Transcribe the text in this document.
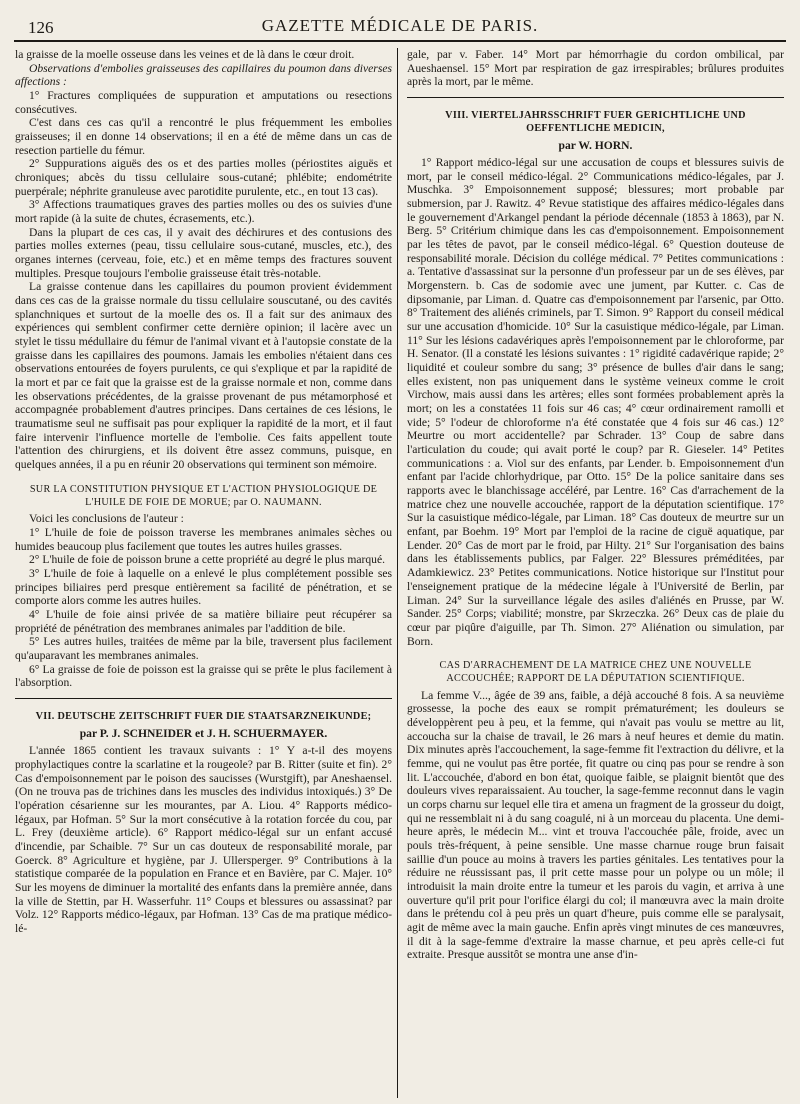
126	GAZETTE MÉDICALE DE PARIS.

la graisse de la moelle osseuse dans les veines et de là dans le cœur droit.

Observations d'embolies graisseuses des capillaires du poumon dans diverses affections :

1° Fractures compliquées de suppuration et amputations ou resections consécutives.

C'est dans ces cas qu'il a rencontré le plus fréquemment les embolies graisseuses; il en donne 14 observations; il en a été de même dans un cas de resection partielle du fémur.

2° Suppurations aiguës des os et des parties molles (périostites aiguës et chroniques; abcès du tissu cellulaire sous-cutané; phlébite; endométrite puerpérale; néphrite granuleuse avec parotidite purulente, etc., en tout 13 cas).

3° Affections traumatiques graves des parties molles ou des os suivies d'une mort rapide (à la suite de chutes, écrasements, etc.).

Dans la plupart de ces cas, il y avait des déchirures et des contusions des parties molles externes (peau, tissu cellulaire sous-cutané, muscles, etc.), des organes internes (cerveau, foie, etc.) et en même temps des fractures souvent multiples. Presque toujours l'embolie graisseuse était très-notable.

La graisse contenue dans les capillaires du poumon provient évidemment dans ces cas de la graisse normale du tissu cellulaire souscutané, ou des cavités splanchniques et surtout de la moelle des os. Il a fait sur des animaux des expériences qui semblent confirmer cette dernière opinion; il lacère avec un stylet le tissu médullaire du fémur de l'animal vivant et à l'autopsie constate de la graisse dans les capillaires des poumons. Jamais les embolies n'étaient dans ces observations entourées de foyers purulents, ce qui s'explique et par la rapidité de la mort et par ce fait que la graisse est de la graisse normale et non, comme dans les observations précédentes, de la graisse provenant de pus métamorphosé et accompagnée probablement d'autres principes. Dans certaines de ces lésions, le traumatisme seul ne suffisait pas pour expliquer la rapidité de la mort, et il faut faire intervenir l'influence mortelle de l'embolie. Ces faits appellent toute l'attention des chirurgiens, et ils doivent être assez communs, puisque, en quelques années, il a pu en réunir 20 observations qui terminent son mémoire.

SUR LA CONSTITUTION PHYSIQUE ET L'ACTION PHYSIOLOGIQUE DE L'HUILE DE FOIE DE MORUE; par O. NAUMANN.

Voici les conclusions de l'auteur :

1° L'huile de foie de poisson traverse les membranes animales sèches ou humides beaucoup plus facilement que toutes les autres huiles grasses.

2° L'huile de foie de poisson brune a cette propriété au degré le plus marqué.

3° L'huile de foie à laquelle on a enlevé le plus complétement possible ses principes biliaires perd presque entièrement sa facilité de pénétration, et se comporte alors comme les autres huiles.

4° L'huile de foie ainsi privée de sa matière biliaire peut récupérer sa propriété de pénétration des membranes animales par l'addition de bile.

5° Les autres huiles, traitées de même par la bile, traversent plus facilement qu'auparavant les membranes animales.

6° La graisse de foie de poisson est la graisse qui se prête le plus facilement à l'absorption.

VII. DEUTSCHE ZEITSCHRIFT FUER DIE STAATSARZNEIKUNDE;
par P. J. SCHNEIDER et J. H. SCHUERMAYER.

L'année 1865 contient les travaux suivants : 1° Y a-t-il des moyens prophylactiques contre la scarlatine et la rougeole? par B. Ritter (suite et fin). 2° Cas d'empoisonnement par le poison des saucisses (Wurstgift), par Aneshaensel. (On ne trouva pas de trichines dans les muscles des individus intoxiqués.) 3° De l'opération césarienne sur les mourantes, par A. Liou. 4° Rapports médico-légaux, par Hofman. 5° Sur la mort consécutive à la rotation forcée du cou, par L. Frey (deuxième article). 6° Rapport médico-légal sur un enfant accusé d'incendie, par Schaible. 7° Sur un cas douteux de responsabilité morale, par Goerck. 8° Agriculture et hygiène, par J. Ullersperger. 9° Contributions à la statistique comparée de la population en France et en Bavière, par C. Majer. 10° Sur les moyens de diminuer la mortalité des enfants dans la première année, dans la ville de Stettin, par H. Wasserfuhr. 11° Coups et blessures ou assassinat? par Volz. 12° Rapports médico-légaux, par Hofman. 13° Cas de ma pratique médico-lé-

gale, par v. Faber. 14° Mort par hémorrhagie du cordon ombilical, par Aueshaensel. 15° Mort par respiration de gaz irrespirables; brûlures produites après la mort, par le même.

VIII. VIERTELJAHRSSCHRIFT FUER GERICHTLICHE UND OEFFENTLICHE MEDICIN,
par W. HORN.

1° Rapport médico-légal sur une accusation de coups et blessures suivis de mort, par le conseil médico-légal. 2° Communications médico-légales, par J. Muschka. 3° Empoisonnement supposé; blessures; mort probable par submersion, par J. Rawitz. 4° Revue statistique des affaires médico-légales dans le gouvernement d'Arkangel pendant la période décennale (1853 à 1863), par N. Berg. 5° Critérium chimique dans les cas d'empoisonnement. Empoisonnement par les têtes de pavot, par le conseil médico-légal. 6° Question douteuse de responsabilité morale. Décision du collége médical. 7° Petites communications : a. Tentative d'assassinat sur la personne d'un professeur par un de ses élèves, par Morgenstern. b. Cas de sodomie avec une jument, par Kutter. c. Cas de dipsomanie, par Liman. d. Quatre cas d'empoisonnement par l'arsenic, par Otto. 8° Traitement des aliénés criminels, par T. Simon. 9° Rapport du conseil médical sur une accusation d'homicide. 10° Sur la casuistique médico-légale, par Liman. 11° Sur les lésions cadavériques après l'empoisonnement par le chloroforme, par H. Senator. (Il a constaté les lésions suivantes : 1° rigidité cadavérique rapide; 2° liquidité et couleur sombre du sang; 3° présence de bulles d'air dans le sang; elles existent, non pas uniquement dans le système veineux comme le croit Virchow, mais aussi dans les artères; elles sont formées probablement après la mort; on les a constatées 11 fois sur 46 cas; 4° cœur ordinairement ramolli et vide; 5° l'odeur de chloroforme n'a été constatée que 4 fois sur 46 cas.) 12° Meurtre ou mort accidentelle? par Schrader. 13° Coup de sabre dans l'articulation du coude; qui avait porté le coup? par R. Gieseler. 14° Petites communications : a. Viol sur des enfants, par Lender. b. Empoisonnement d'un enfant par l'acide chlorhydrique, par Otto. 15° De la police sanitaire dans ses rapports avec le blanchissage accéléré, par Lentre. 16° Cas d'arrachement de la matrice chez une nouvelle accouchée, rapport de la députation scientifique. 17° Sur la casuistique médico-légale, par Liman. 18° Cas douteux de meurtre sur un enfant, par Boehm. 19° Mort par l'emploi de la racine de ciguë aquatique, par Lender. 20° Cas de mort par le froid, par Hilty. 21° Sur l'organisation des bains dans les établissements publics, par Falger. 22° Blessures préméditées, par Adamkiewicz. 23° Petites communications. Notice historique sur l'Institut pour l'enseignement pratique de la médecine légale à l'Université de Berlin, par Liman. 24° Sur la surveillance légale des asiles d'aliénés en Prusse, par W. Sander. 25° Corps; viabilité; monstre, par Skrzeczka. 26° Deux cas de plaie du cœur par piqûre d'aiguille, par Th. Simon. 27° Aliénation ou simulation, par Born.

CAS D'ARRACHEMENT DE LA MATRICE CHEZ UNE NOUVELLE ACCOUCHÉE; RAPPORT DE LA DÉPUTATION SCIENTIFIQUE.

La femme V..., âgée de 39 ans, faible, a déjà accouché 8 fois. A sa neuvième grossesse, la poche des eaux se rompit prématurément; les douleurs se développèrent peu à peu, et la femme, qui n'avait pas voulu se mettre au lit, accoucha sur la chaise de travail, le 26 mars à neuf heures et demie du matin. Dix minutes après l'accouchement, la sage-femme fit l'extraction du délivre, et la femme, qui ne voulut pas être portée, fit quatre ou cinq pas pour se rendre à son lit. L'accouchée, d'abord en bon état, quoique faible, se plaignit bientôt que des douleurs vives reparaissaient. Au toucher, la sage-femme reconnut dans le vagin un corps charnu sur lequel elle tira et amena un fragment de la grosseur du doigt, qui ne ressemblait ni à du sang coagulé, ni à un morceau du placenta. Une demi-heure après, le médecin M... vint et trouva l'accouchée pâle, froide, avec un pouls très-fréquent, à peine sensible. Une masse charnue rouge brun faisait saillie d'un pouce au moins à travers les parties génitales. Les tentatives pour la réduire ne réussissant pas, il prit cette masse pour un polype ou un môle; il introduisit la main droite entre la tumeur et les parois du vagin, et arriva à une ouverture qu'il prit pour l'orifice élargi du col; il manœuvra avec la main droite dans le prétendu col à peu près un quart d'heure, puis comme elle se paralysait, agit de même avec la main gauche. Enfin après vingt minutes de ces manœuvres, il dit à la sage-femme d'extraire la masse charnue, et peu après celle-ci fut extraite. Presque aussitôt se montra une anse d'in-
